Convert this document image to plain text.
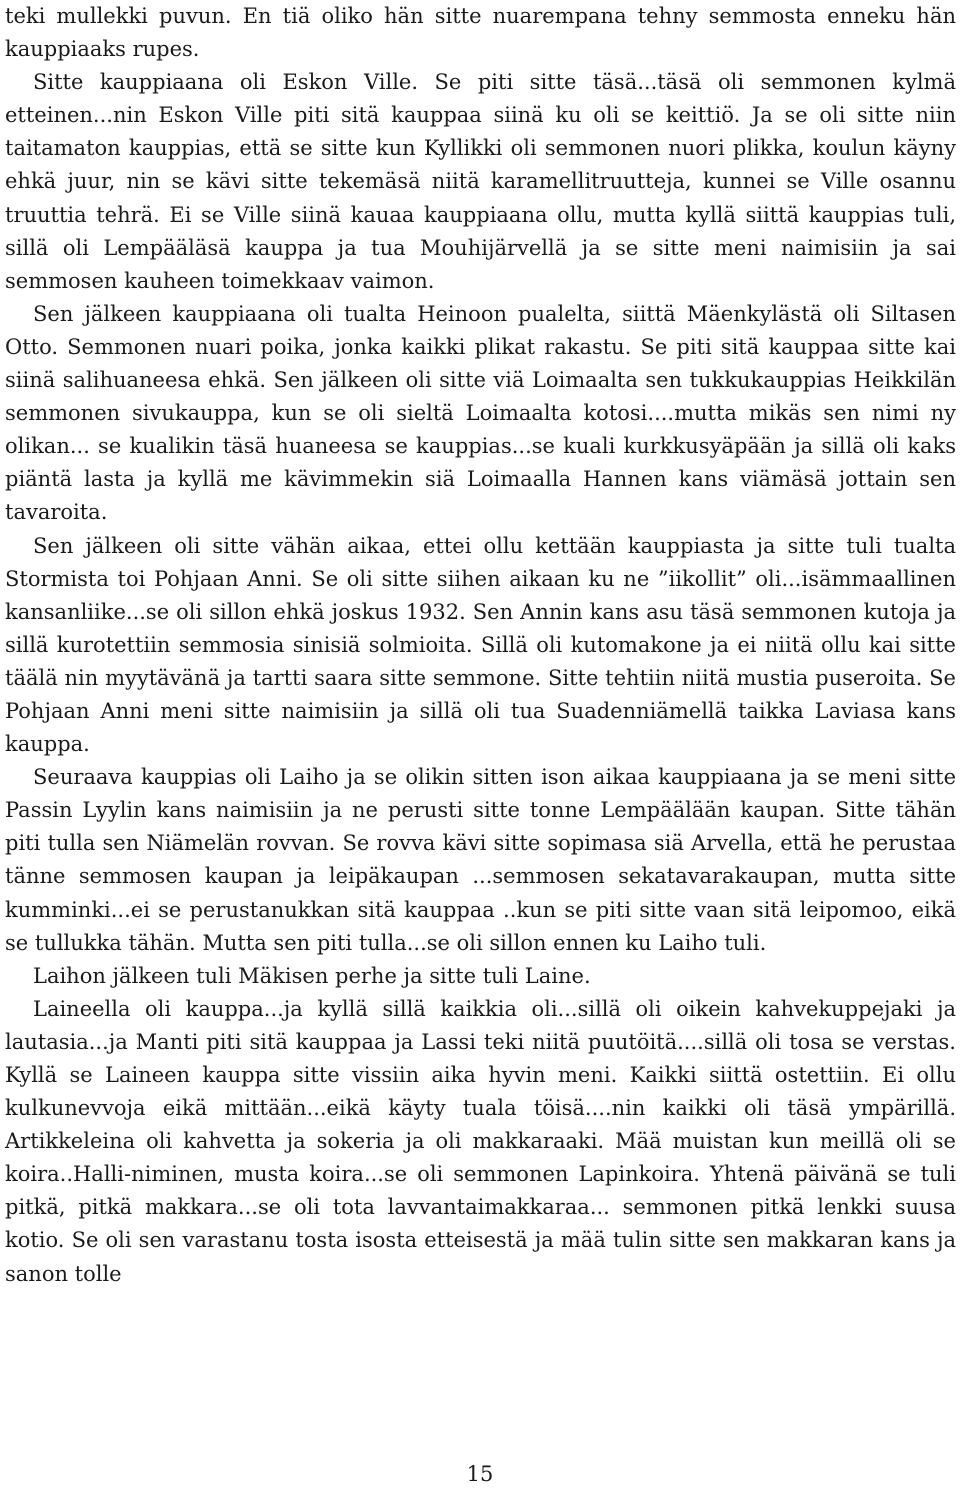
teki mullekki puvun. En tiä oliko hän sitte nuarempana tehny semmosta enneku hän kauppiaaks rupes.

Sitte kauppiaana oli Eskon Ville. Se piti sitte täsä...täsä oli semmonen kylmä etteinen...nin Eskon Ville piti sitä kauppaa siinä ku oli se keittiö. Ja se oli sitte niin taitamaton kauppias, että se sitte kun Kyllikki oli semmonen nuori plikka, koulun käyny ehkä juur, nin se kävi sitte tekemäsä niitä karamellitruutteja, kunnei se Ville osannu truuttia tehrä. Ei se Ville siinä kauaa kauppiaana ollu, mutta kyllä siittä kauppias tuli, sillä oli Lempääläsä kauppa ja tua Mouhijärvellä ja se sitte meni naimisiin ja sai semmosen kauheen toimekkaav vaimon.

Sen jälkeen kauppiaana oli tualta Heinoon pualelta, siittä Mäenkylästä oli Siltasen Otto. Semmonen nuari poika, jonka kaikki plikat rakastu. Se piti sitä kauppaa sitte kai siinä salihuaneesa ehkä. Sen jälkeen oli sitte viä Loimaalta sen tukkukauppias Heikkilän semmonen sivukauppa, kun se oli sieltä Loimaalta kotosi....mutta mikäs sen nimi ny olikan... se kualikin täsä huaneesa se kauppias...se kuali kurkkusyäpään ja sillä oli kaks piäntä lasta ja kyllä me kävimmekin siä Loimaalla Hannen kans viämäsä jottain sen tavaroita.

Sen jälkeen oli sitte vähän aikaa, ettei ollu kettään kauppiasta ja sitte tuli tualta Stormista toi Pohjaan Anni. Se oli sitte siihen aikaan ku ne ”iikollit” oli...isämmaallinen kansanliike...se oli sillon ehkä joskus 1932. Sen Annin kans asu täsä semmonen kutoja ja sillä kurotettiin semmosia sinisiä solmioita. Sillä oli kutomakone ja ei niitä ollu kai sitte täälä nin myytävänä ja tartti saara sitte semmone. Sitte tehtiin niitä mustia puseroita. Se Pohjaan Anni meni sitte naimisiin ja sillä oli tua Suadenniämellä taikka Laviasa kans kauppa.

Seuraava kauppias oli Laiho ja se olikin sitten ison aikaa kauppiaana ja se meni sitte Passin Lyylin kans naimisiin ja ne perusti sitte tonne Lempäälään kaupan. Sitte tähän piti tulla sen Niämelän rovvan. Se rovva kävi sitte sopimasa siä Arvella, että he perustaa tänne semmosen kaupan ja leipäkaupan ...semmosen sekatavarakaupan, mutta sitte kumminki...ei se perustanukkan sitä kauppaa ..kun se piti sitte vaan sitä leipomoo, eikä se tullukka tähän. Mutta sen piti tulla...se oli sillon ennen ku Laiho tuli.

Laihon jälkeen tuli Mäkisen perhe ja sitte tuli Laine.

Laineella oli kauppa...ja kyllä sillä kaikkia oli...sillä oli oikein kahvekuppejaki ja lautasia...ja Manti piti sitä kauppaa ja Lassi teki niitä puutöitä....sillä oli tosa se verstas. Kyllä se Laineen kauppa sitte vissiin aika hyvin meni. Kaikki siittä ostettiin. Ei ollu kulkunevvoja eikä mittään...eikä käyty tuala töisä....nin kaikki oli täsä ympärillä. Artikkeleina oli kahvetta ja sokeria ja oli makkaraaki. Mää muistan kun meillä oli se koira..Halli-niminen, musta koira...se oli semmonen Lapinkoira. Yhtenä päivänä se tuli pitkä, pitkä makkara...se oli tota lavvantaimakkaraa... semmonen pitkä lenkki suusa kotio. Se oli sen varastanu tosta isosta etteisestä ja mää tulin sitte sen makkaran kans ja sanon tolle

15
